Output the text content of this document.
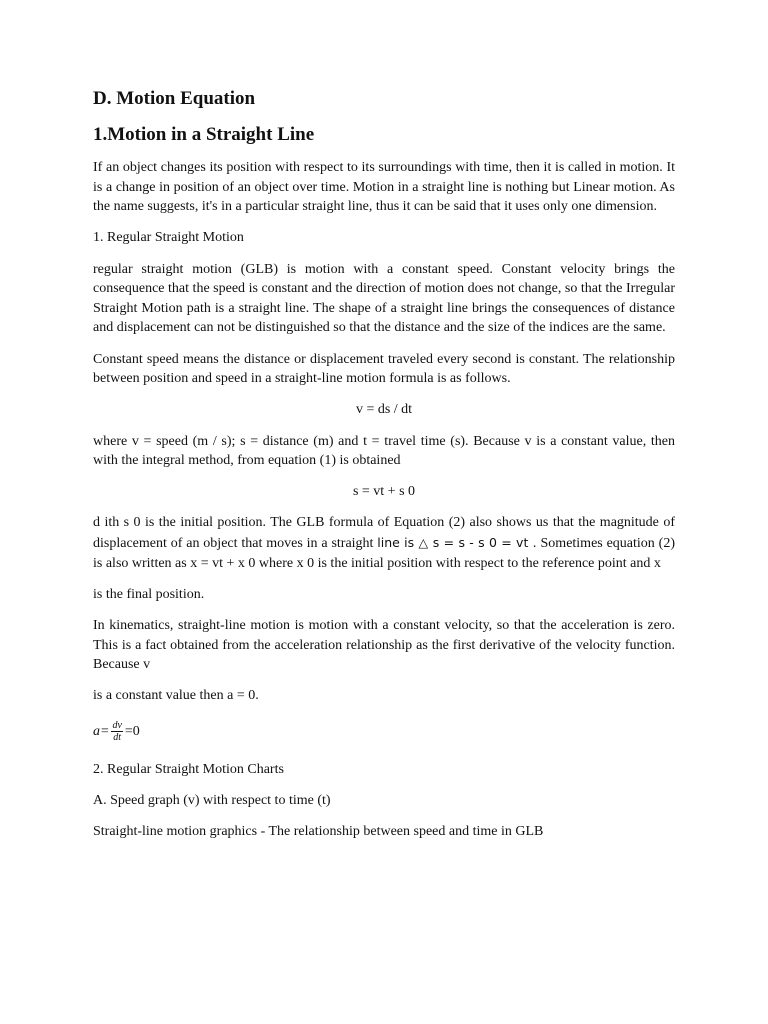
D. Motion Equation
1.Motion in a Straight Line

If an object changes its position with respect to its surroundings with time, then it is called in motion. It is a change in position of an object over time. Motion in a straight line is nothing but Linear motion. As the name suggests, it's in a particular straight line, thus it can be said that it uses only one dimension.

1. Regular Straight Motion

regular straight motion (GLB) is motion with a constant speed. Constant velocity brings the consequence that the speed is constant and the direction of motion does not change, so that the Irregular Straight Motion path is a straight line. The shape of a straight line brings the consequences of distance and displacement can not be distinguished so that the distance and the size of the indices are the same.

Constant speed means the distance or displacement traveled every second is constant. The relationship between position and speed in a straight-line motion formula is as follows.

v = ds / dt

where v = speed (m / s); s = distance (m) and t = travel time (s). Because v is a constant value, then with the integral method, from equation (1) is obtained

s = vt + s 0

d ith s 0 is the initial position. The GLB formula of Equation (2) also shows us that the magnitude of displacement of an object that moves in a straight line is △ s = s - s 0 = vt . Sometimes equation (2) is also written as x = vt + x 0 where x 0 is the initial position with respect to the reference point and x

is the final position.

In kinematics, straight-line motion is motion with a constant velocity, so that the acceleration is zero. This is a fact obtained from the acceleration relationship as the first derivative of the velocity function. Because v

is a constant value then a = 0.

$a= \frac{dv}{dt} =0$

2. Regular Straight Motion Charts

A. Speed graph (v) with respect to time (t)

Straight-line motion graphics - The relationship between speed and time in GLB
